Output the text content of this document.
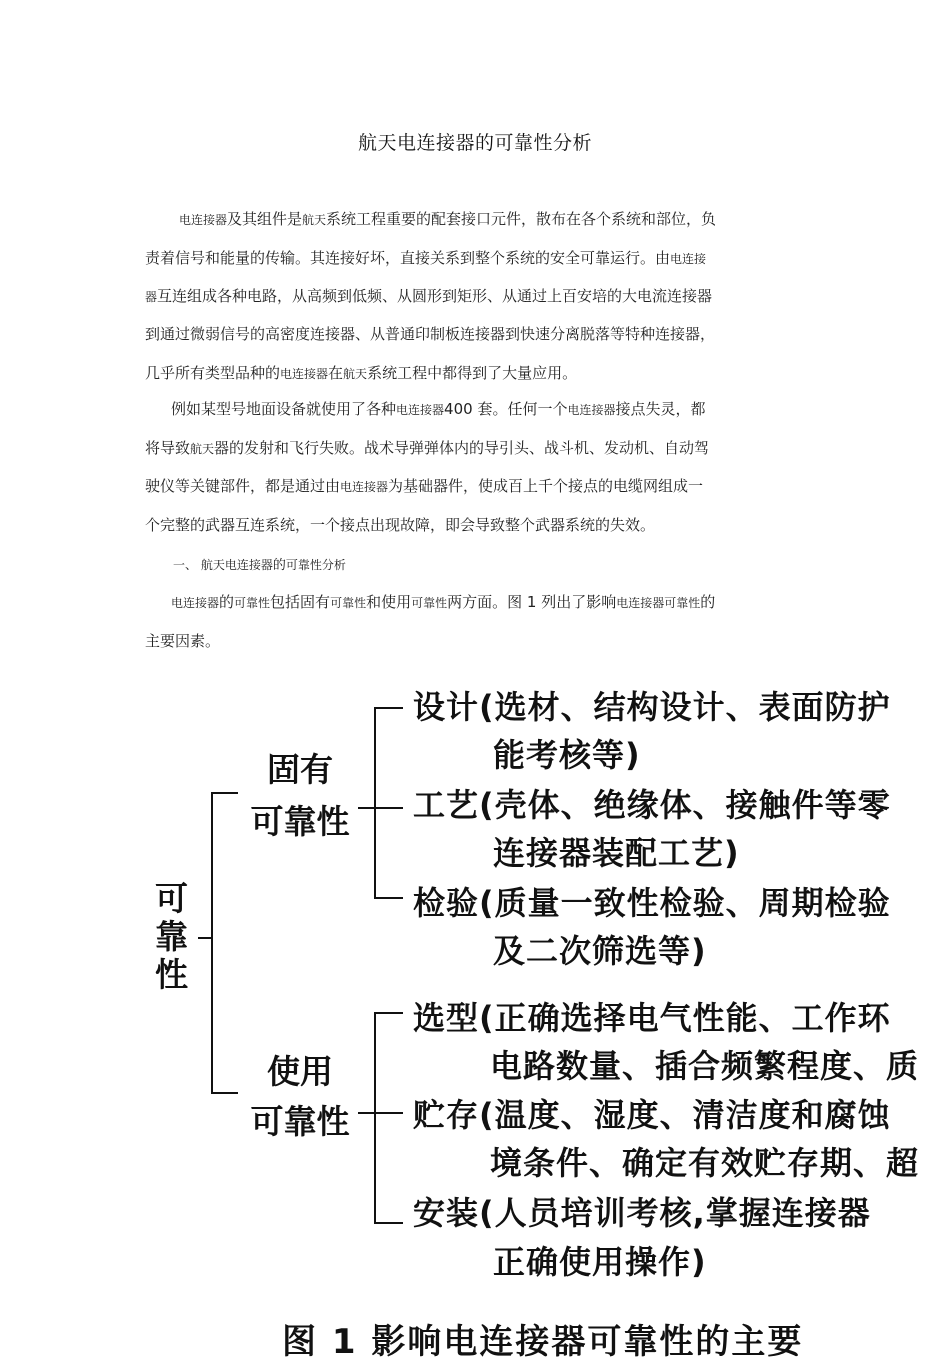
航天电连接器的可靠性分析
电连接器及其组件是航天系统工程重要的配套接口元件，散布在各个系统和部位，负
责着信号和能量的传输。其连接好坏，直接关系到整个系统的安全可靠运行。由电连接
器互连组成各种电路，从高频到低频、从圆形到矩形、从通过上百安培的大电流连接器
到通过微弱信号的高密度连接器、从普通印制板连接器到快速分离脱落等特种连接器，
几乎所有类型品种的电连接器在航天系统工程中都得到了大量应用。
例如某型号地面设备就使用了各种电连接器400 套。任何一个电连接器接点失灵，都
将导致航天器的发射和飞行失败。战术导弹弹体内的导引头、战斗机、发动机、自动驾
驶仪等关键部件，都是通过由电连接器为基础器件，使成百上千个接点的电缆网组成一
个完整的武器互连系统，一个接点出现故障，即会导致整个武器系统的失效。
一、 航天电连接器的可靠性分析
电连接器的可靠性包括固有可靠性和使用可靠性两方面。图 1 列出了影响电连接器可靠性的
主要因素。
可
靠
性
固有
可靠性
使用
可靠性
设计(选材、结构设计、表面防护
能考核等)
工艺(壳体、绝缘体、接触件等零
连接器装配工艺)
检验(质量一致性检验、周期检验
及二次筛选等)
选型(正确选择电气性能、工作环
电路数量、插合频繁程度、质
贮存(温度、湿度、清洁度和腐蚀
境条件、确定有效贮存期、超
安装(人员培训考核,掌握连接器
正确使用操作)
图 1 影响电连接器可靠性的主要
